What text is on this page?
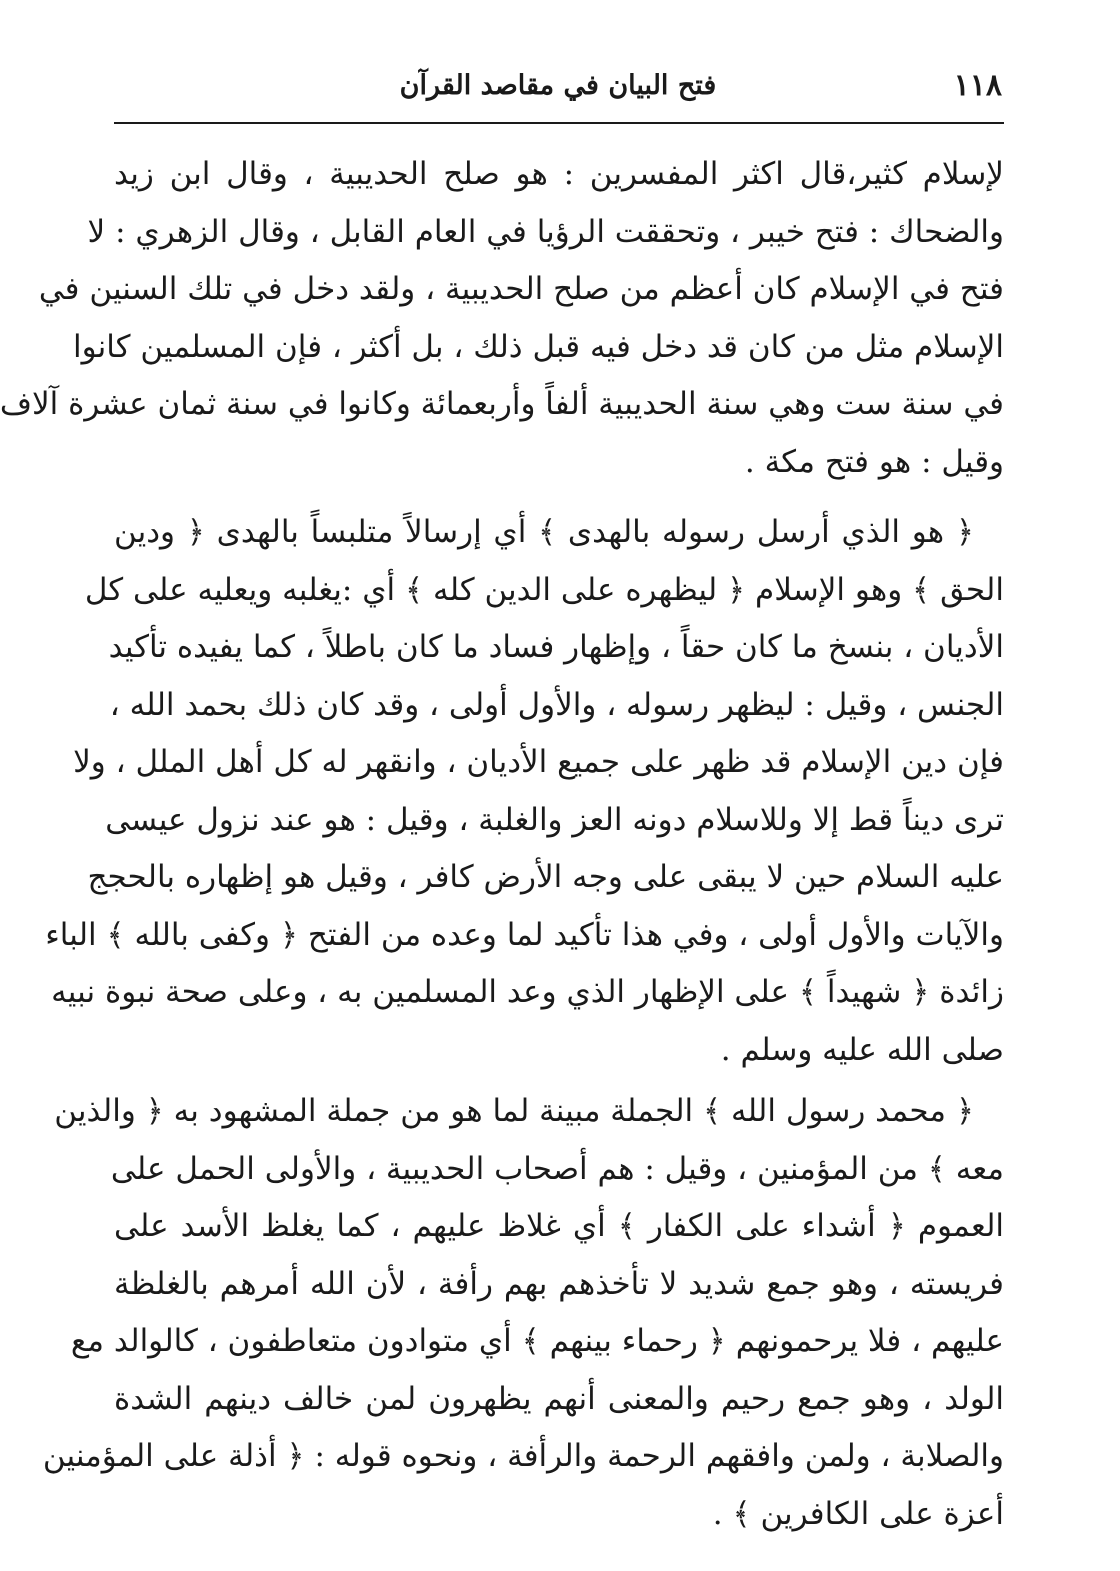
١١٨
فتح البيان في مقاصد القرآن
لإسلام كثير،قال اكثر المفسرين : هو صلح الحديبية ، وقال ابن زيد
والضحاك : فتح خيبر ، وتحققت الرؤيا في العام القابل ، وقال الزهري : لا
فتح في الإسلام كان أعظم من صلح الحديبية ، ولقد دخل في تلك السنين في
الإسلام مثل من كان قد دخل فيه قبل ذلك ، بل أكثر ، فإن المسلمين كانوا
في سنة ست وهي سنة الحديبية ألفاً وأربعمائة وكانوا في سنة ثمان عشرة آلاف
وقيل : هو فتح مكة .
﴿ هو الذي أرسل رسوله بالهدى ﴾ أي إرسالاً متلبساً بالهدى ﴿ ودين
الحق ﴾ وهو الإسلام ﴿ ليظهره على الدين كله ﴾ أي :يغلبه ويعليه على كل
الأديان ، بنسخ ما كان حقاً ، وإظهار فساد ما كان باطلاً ، كما يفيده تأكيد
الجنس ، وقيل : ليظهر رسوله ، والأول أولى ، وقد كان ذلك بحمد الله ،
فإن دين الإسلام قد ظهر على جميع الأديان ، وانقهر له كل أهل الملل ، ولا
ترى ديناً قط إلا وللاسلام دونه العز والغلبة ، وقيل : هو عند نزول عيسى
عليه السلام حين لا يبقى على وجه الأرض كافر ، وقيل هو إظهاره بالحجج
والآيات والأول أولى ، وفي هذا تأكيد لما وعده من الفتح ﴿ وكفى بالله ﴾ الباء
زائدة ﴿ شهيداً ﴾ على الإظهار الذي وعد المسلمين به ، وعلى صحة نبوة نبيه
صلى الله عليه وسلم .
﴿ محمد رسول الله ﴾ الجملة مبينة لما هو من جملة المشهود به ﴿ والذين
معه ﴾ من المؤمنين ، وقيل : هم أصحاب الحديبية ، والأولى الحمل على
العموم ﴿ أشداء على الكفار ﴾ أي غلاظ عليهم ، كما يغلظ الأسد على
فريسته ، وهو جمع شديد لا تأخذهم بهم رأفة ، لأن الله أمرهم بالغلظة
عليهم ، فلا يرحمونهم ﴿ رحماء بينهم ﴾ أي متوادون متعاطفون ، كالوالد مع
الولد ، وهو جمع رحيم والمعنى أنهم يظهرون لمن خالف دينهم الشدة
والصلابة ، ولمن وافقهم الرحمة والرأفة ، ونحوه قوله : ﴿ أذلة على المؤمنين
أعزة على الكافرين ﴾ .
